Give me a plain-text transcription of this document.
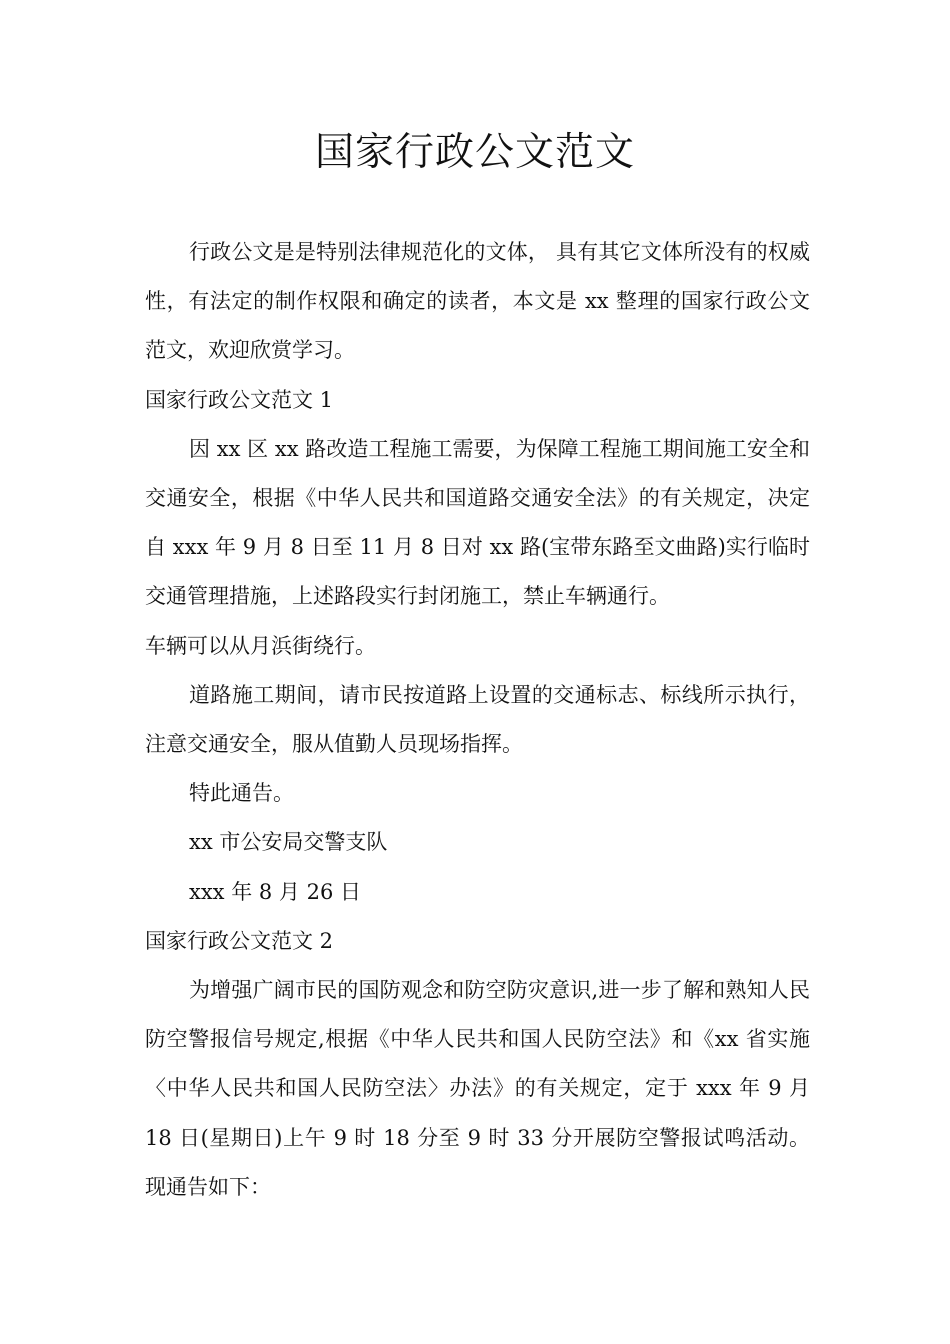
国家行政公文范文

行政公文是是特别法律规范化的文体， 具有其它文体所没有的权威性，有法定的制作权限和确定的读者，本文是 xx 整理的国家行政公文范文，欢迎欣赏学习。

国家行政公文范文 1

因 xx 区 xx 路改造工程施工需要，为保障工程施工期间施工安全和交通安全，根据《中华人民共和国道路交通安全法》的有关规定，决定自 xxx 年 9 月 8 日至 11 月 8 日对 xx 路(宝带东路至文曲路)实行临时交通管理措施，上述路段实行封闭施工，禁止车辆通行。

车辆可以从月浜街绕行。

道路施工期间，请市民按道路上设置的交通标志、标线所示执行，注意交通安全，服从值勤人员现场指挥。

特此通告。

xx 市公安局交警支队

xxx 年 8 月 26 日

国家行政公文范文 2

为增强广阔市民的国防观念和防空防灾意识,进一步了解和熟知人民防空警报信号规定,根据《中华人民共和国人民防空法》和《xx 省实施〈中华人民共和国人民防空法〉办法》的有关规定，定于 xxx 年 9 月 18 日(星期日)上午 9 时 18 分至 9 时 33 分开展防空警报试鸣活动。现通告如下：
